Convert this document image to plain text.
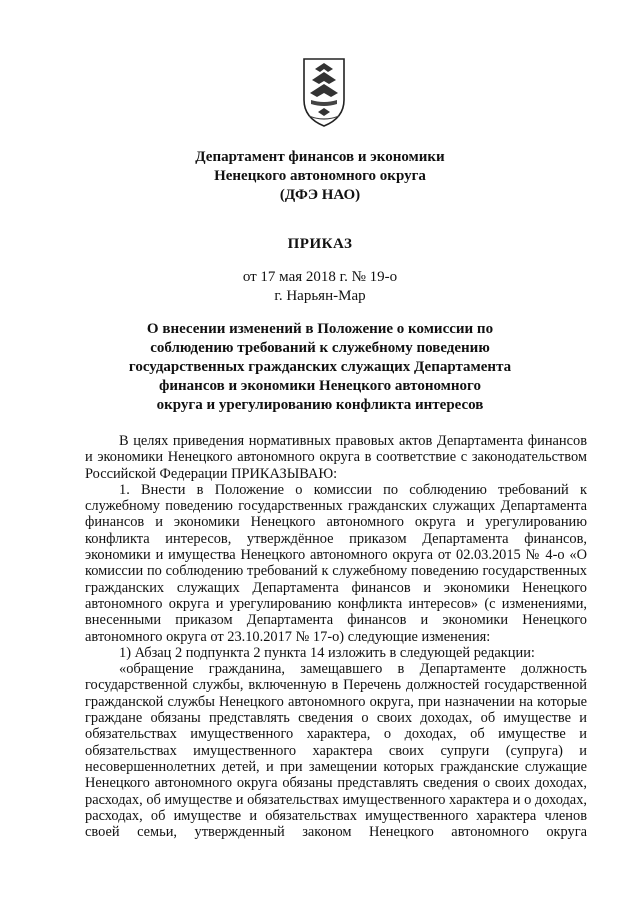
Департамент финансов и экономики
Ненецкого автономного округа
(ДФЭ НАО)
ПРИКАЗ
от 17 мая 2018 г. № 19-о
г. Нарьян-Мар
О внесении изменений в Положение о комиссии по
соблюдению требований к служебному поведению
государственных гражданских служащих Департамента
финансов и экономики Ненецкого автономного
округа и урегулированию конфликта интересов

В целях приведения нормативных правовых актов Департамента финансов и экономики Ненецкого автономного округа в соответствие с законодательством Российской Федерации ПРИКАЗЫВАЮ:

1. Внести в Положение о комиссии по соблюдению требований к служебному поведению государственных гражданских служащих Департамента финансов и экономики Ненецкого автономного округа и урегулированию конфликта интересов, утверждённое приказом Департамента финансов, экономики и имущества Ненецкого автономного округа от 02.03.2015 № 4-о «О комиссии по соблюдению требований к служебному поведению государственных гражданских служащих Департамента финансов и экономики Ненецкого автономного округа и урегулированию конфликта интересов» (с изменениями, внесенными приказом Департамента финансов и экономики Ненецкого автономного округа от 23.10.2017 № 17-о) следующие изменения:

1) Абзац 2 подпункта 2 пункта 14 изложить в следующей редакции:

«обращение гражданина, замещавшего в Департаменте должность государственной службы, включенную в Перечень должностей государственной гражданской службы Ненецкого автономного округа, при назначении на которые граждане обязаны представлять сведения о своих доходах, об имуществе и обязательствах имущественного характера, о доходах, об имуществе и обязательствах имущественного характера своих супруги (супруга) и несовершеннолетних детей, и при замещении которых гражданские служащие Ненецкого автономного округа обязаны представлять сведения о своих доходах, расходах, об имуществе и обязательствах имущественного характера и о доходах, расходах, об имуществе и обязательствах имущественного характера членов своей семьи, утвержденный законом Ненецкого автономного округа
